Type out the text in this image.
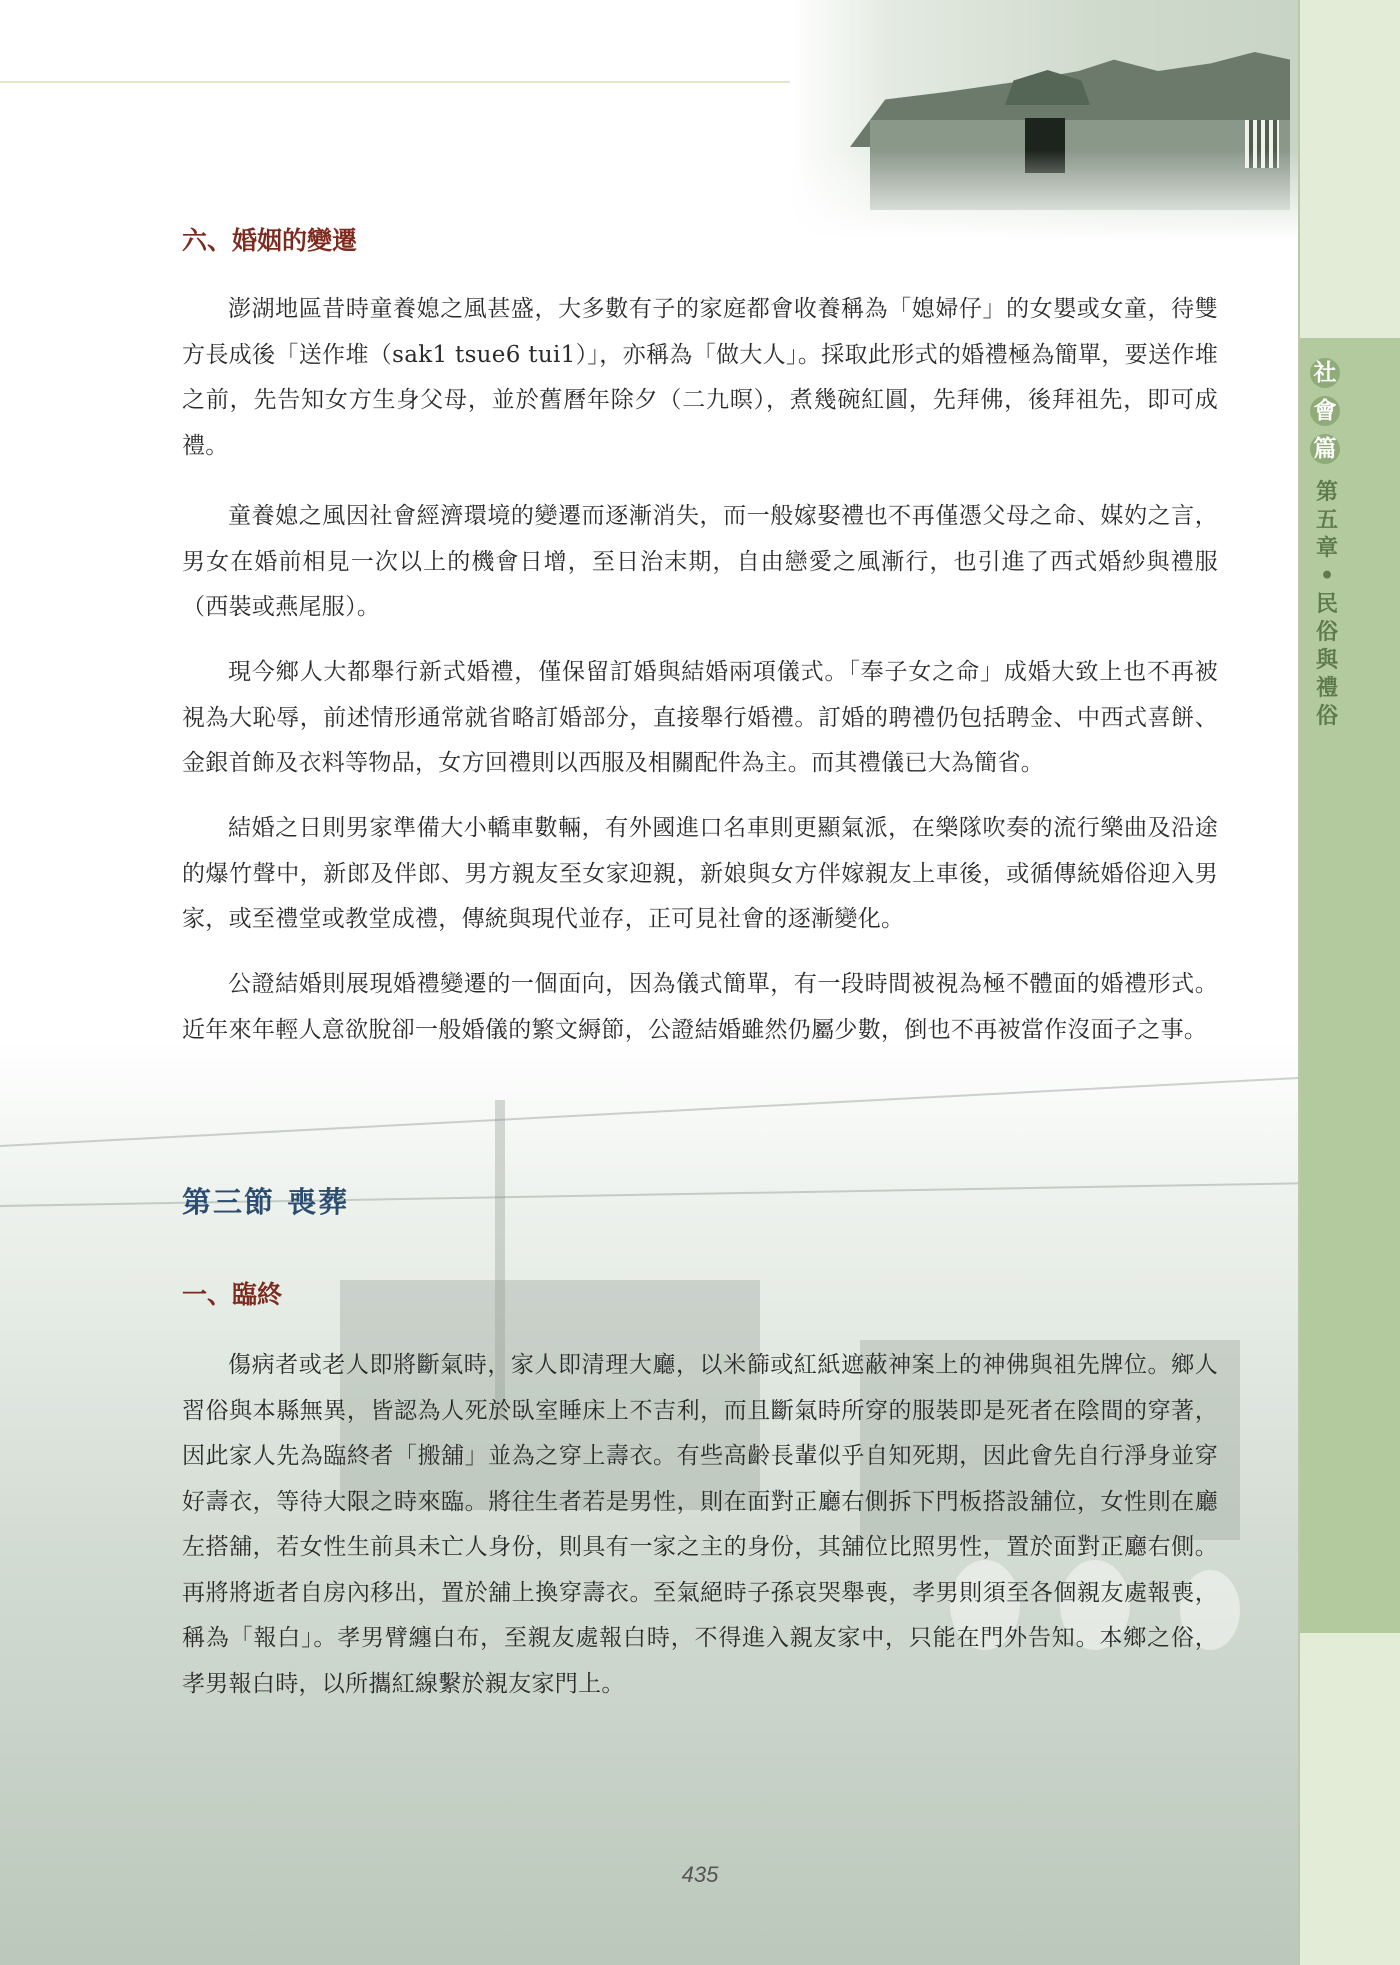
社
會
篇
第
五
章
•
民
俗
與
禮
俗
六、婚姻的變遷

澎湖地區昔時童養媳之風甚盛，大多數有子的家庭都會收養稱為「媳婦仔」的女嬰或女童，待雙方長成後「送作堆（sak1 tsue6 tui1）」，亦稱為「做大人」。採取此形式的婚禮極為簡單，要送作堆之前，先告知女方生身父母，並於舊曆年除夕（二九暝），煮幾碗紅圓，先拜佛，後拜祖先，即可成禮。

童養媳之風因社會經濟環境的變遷而逐漸消失，而一般嫁娶禮也不再僅憑父母之命、媒妁之言，男女在婚前相見一次以上的機會日增，至日治末期，自由戀愛之風漸行，也引進了西式婚紗與禮服（西裝或燕尾服）。

現今鄉人大都舉行新式婚禮，僅保留訂婚與結婚兩項儀式。「奉子女之命」成婚大致上也不再被視為大恥辱，前述情形通常就省略訂婚部分，直接舉行婚禮。訂婚的聘禮仍包括聘金、中西式喜餅、金銀首飾及衣料等物品，女方回禮則以西服及相關配件為主。而其禮儀已大為簡省。

結婚之日則男家準備大小轎車數輛，有外國進口名車則更顯氣派，在樂隊吹奏的流行樂曲及沿途的爆竹聲中，新郎及伴郎、男方親友至女家迎親，新娘與女方伴嫁親友上車後，或循傳統婚俗迎入男家，或至禮堂或教堂成禮，傳統與現代並存，正可見社會的逐漸變化。

公證結婚則展現婚禮變遷的一個面向，因為儀式簡單，有一段時間被視為極不體面的婚禮形式。近年來年輕人意欲脫卻一般婚儀的繁文縟節，公證結婚雖然仍屬少數，倒也不再被當作沒面子之事。

第三節 喪葬
一、臨終

傷病者或老人即將斷氣時，家人即清理大廳，以米篩或紅紙遮蔽神案上的神佛與祖先牌位。鄉人習俗與本縣無異，皆認為人死於臥室睡床上不吉利，而且斷氣時所穿的服裝即是死者在陰間的穿著，因此家人先為臨終者「搬舖」並為之穿上壽衣。有些高齡長輩似乎自知死期，因此會先自行淨身並穿好壽衣，等待大限之時來臨。將往生者若是男性，則在面對正廳右側拆下門板搭設舖位，女性則在廳左搭舖，若女性生前具未亡人身份，則具有一家之主的身份，其舖位比照男性，置於面對正廳右側。再將將逝者自房內移出，置於舖上換穿壽衣。至氣絕時子孫哀哭舉喪，孝男則須至各個親友處報喪，稱為「報白」。孝男臂纏白布，至親友處報白時，不得進入親友家中，只能在門外告知。本鄉之俗，孝男報白時，以所攜紅線繫於親友家門上。

435
